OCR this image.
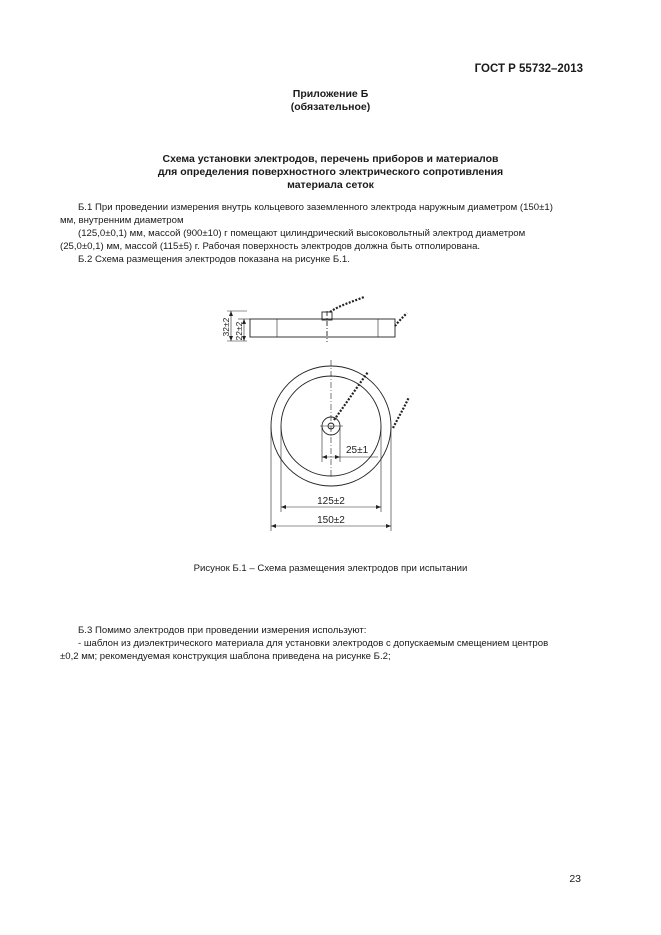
ГОСТ Р 55732–2013
Приложение Б
(обязательное)
Схема установки электродов, перечень приборов и материалов
для определения поверхностного электрического сопротивления
материала сеток
Б.1 При проведении измерения внутрь кольцевого заземленного электрода наружным диаметром (150±1)
мм, внутренним диаметром
(125,0±0,1) мм, массой (900±10) г помещают цилиндрический высоковольтный электрод диаметром
(25,0±0,1) мм, массой (115±5) г. Рабочая поверхность электродов должна быть отполирована.
Б.2 Схема размещения электродов показана на рисунке Б.1.
32±2 22±2
25±1
125±2
150±2
Рисунок Б.1 – Схема размещения электродов при испытании
Б.3 Помимо электродов при проведении измерения используют:
- шаблон из диэлектрического материала для установки электродов с допускаемым смещением центров
±0,2 мм; рекомендуемая конструкция шаблона приведена на рисунке Б.2;
23
